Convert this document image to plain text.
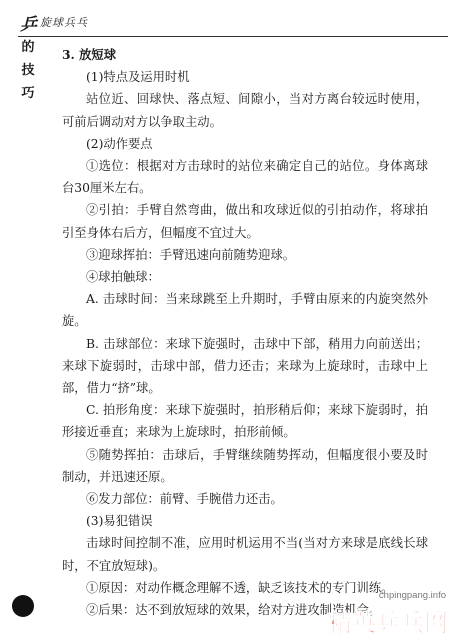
乒 旋球兵乓
的
技
巧

3. 放短球

(1)特点及运用时机

站位近、回球快、落点短、间隙小，当对方离台较远时使用，可前后调动对方以争取主动。

(2)动作要点

①选位：根据对方击球时的站位来确定自己的站位。身体离球台30厘米左右。

②引拍：手臂自然弯曲，做出和攻球近似的引拍动作，将球拍引至身体右后方，但幅度不宜过大。

③迎球挥拍：手臂迅速向前随势迎球。

④球拍触球：

A. 击球时间：当来球跳至上升期时，手臂由原来的内旋突然外旋。

B. 击球部位：来球下旋强时，击球中下部，稍用力向前送出；来球下旋弱时，击球中部，借力还击；来球为上旋球时，击球中上部，借力“挤”球。

C. 拍形角度：来球下旋强时，拍形稍后仰；来球下旋弱时，拍形接近垂直；来球为上旋球时，拍形前倾。

⑤随势挥拍：击球后，手臂继续随势挥动，但幅度很小要及时制动，并迅速还原。

⑥发力部位：前臂、手腕借力还击。

(3)易犯错误

击球时间控制不准，应用时机运用不当(当对方来球是底线长球时，不宜放短球)。

①原因：对动作概念理解不透，缺乏该技术的专门训练。

②后果：达不到放短球的效果，给对方进攻制造机会。

cnpingpang.info
精英乒乓网
